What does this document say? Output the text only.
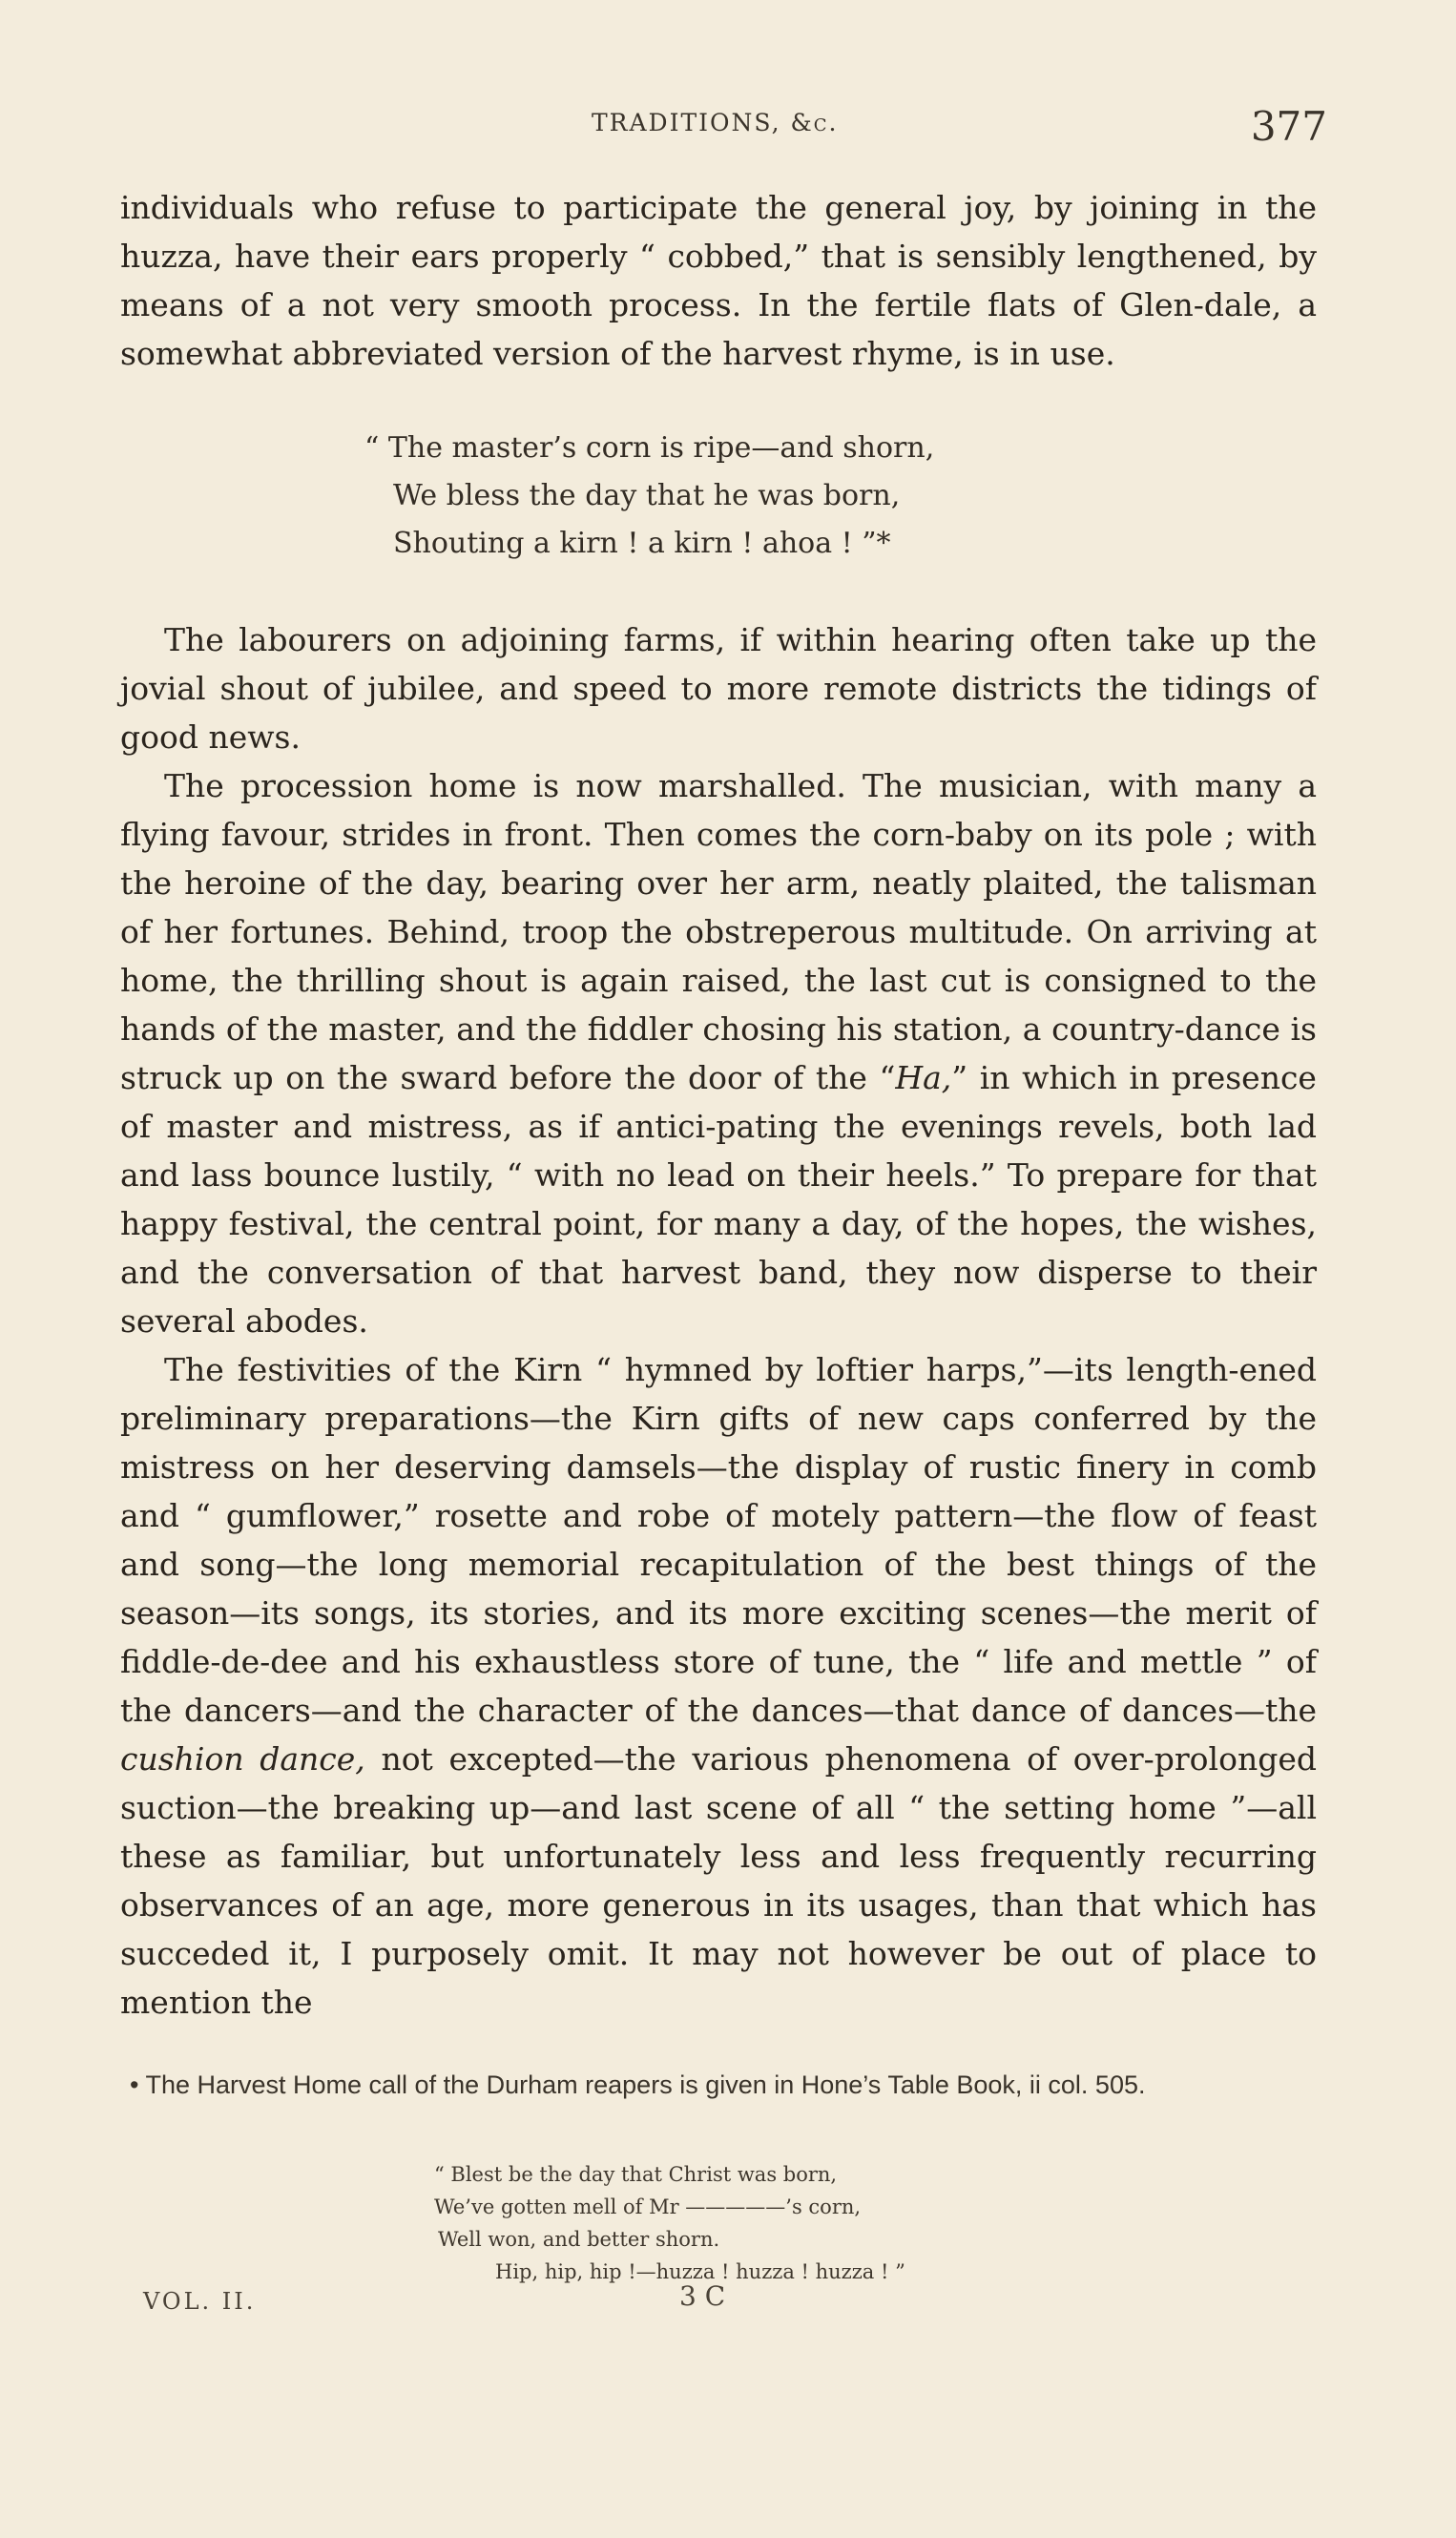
TRADITIONS, &c.	377

individuals who refuse to participate the general joy, by joining in the huzza, have their ears properly “ cobbed,” that is sensibly lengthened, by means of a not very smooth process. In the fertile flats of Glen-dale, a somewhat abbreviated version of the harvest rhyme, is in use.

“ The master’s corn is ripe—and shorn,
We bless the day that he was born,
Shouting a kirn ! a kirn ! ahoa ! ”*

The labourers on adjoining farms, if within hearing often take up the jovial shout of jubilee, and speed to more remote districts the tidings of good news.

The procession home is now marshalled. The musician, with many a flying favour, strides in front. Then comes the corn-baby on its pole ; with the heroine of the day, bearing over her arm, neatly plaited, the talisman of her fortunes. Behind, troop the obstreperous multitude. On arriving at home, the thrilling shout is again raised, the last cut is consigned to the hands of the master, and the fiddler chosing his station, a country-dance is struck up on the sward before the door of the “Ha,” in which in presence of master and mistress, as if antici-pating the evenings revels, both lad and lass bounce lustily, “ with no lead on their heels.” To prepare for that happy festival, the central point, for many a day, of the hopes, the wishes, and the conversation of that harvest band, they now disperse to their several abodes.

The festivities of the Kirn “ hymned by loftier harps,”—its length-ened preliminary preparations—the Kirn gifts of new caps conferred by the mistress on her deserving damsels—the display of rustic finery in comb and “ gumflower,” rosette and robe of motely pattern—the flow of feast and song—the long memorial recapitulation of the best things of the season—its songs, its stories, and its more exciting scenes—the merit of fiddle-de-dee and his exhaustless store of tune, the “ life and mettle ” of the dancers—and the character of the dances—that dance of dances—the cushion dance, not excepted—the various phenomena of over-prolonged suction—the breaking up—and last scene of all “ the setting home ”—all these as familiar, but unfortunately less and less frequently recurring observances of an age, more generous in its usages, than that which has succeded it, I purposely omit. It may not however be out of place to mention the

• The Harvest Home call of the Durham reapers is given in Hone’s Table Book, ii col. 505.
“ Blest be the day that Christ was born,
We’ve gotten mell of Mr —————’s corn,
Well won, and better shorn.
Hip, hip, hip !—huzza ! huzza ! huzza ! ”
VOL. II.	3 C
